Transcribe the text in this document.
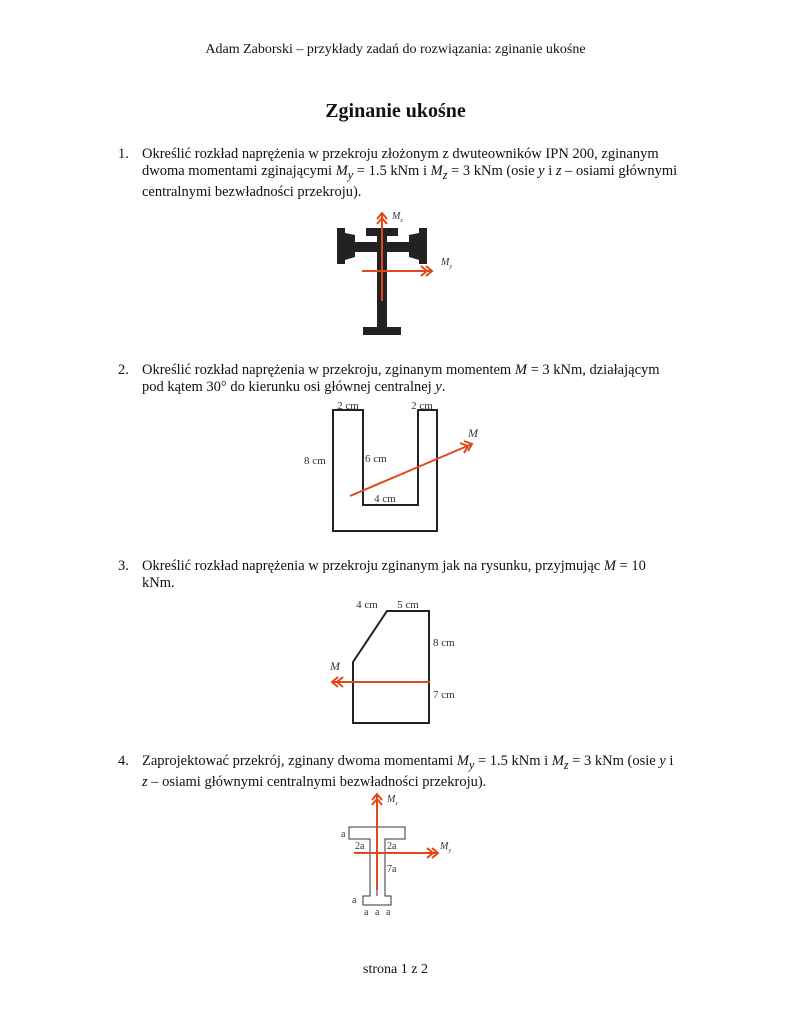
Adam Zaborski – przykłady zadań do rozwiązania: zginanie ukośne
Zginanie ukośne
1. Określić rozkład naprężenia w przekroju złożonym z dwuteowników IPN 200, zginanym dwoma momentami zginającymi $M_y = 1.5$ kNm i $M_z = 3$ kNm (osie y i z – osiami głównymi centralnymi bezwładności przekroju).
$M_z$
$M_y$
2. Określić rozkład naprężenia w przekroju, zginanym momentem M = 3 kNm, działającym pod kątem 30° do kierunku osi głównej centralnej y.
2 cm	2 cm
8 cm	6 cm
4 cm
M
3. Określić rozkład naprężenia w przekroju zginanym jak na rysunku, przyjmując M = 10 kNm.
4 cm 5 cm
8 cm
7 cm
M
4. Zaprojektować przekrój, zginany dwoma momentami $M_y = 1.5$ kNm i $M_z = 3$ kNm (osie y i z – osiami głównymi centralnymi bezwładności przekroju).
a
2a 2a
7a
a
a a a
$M_z$
$M_y$
strona 1 z 2
